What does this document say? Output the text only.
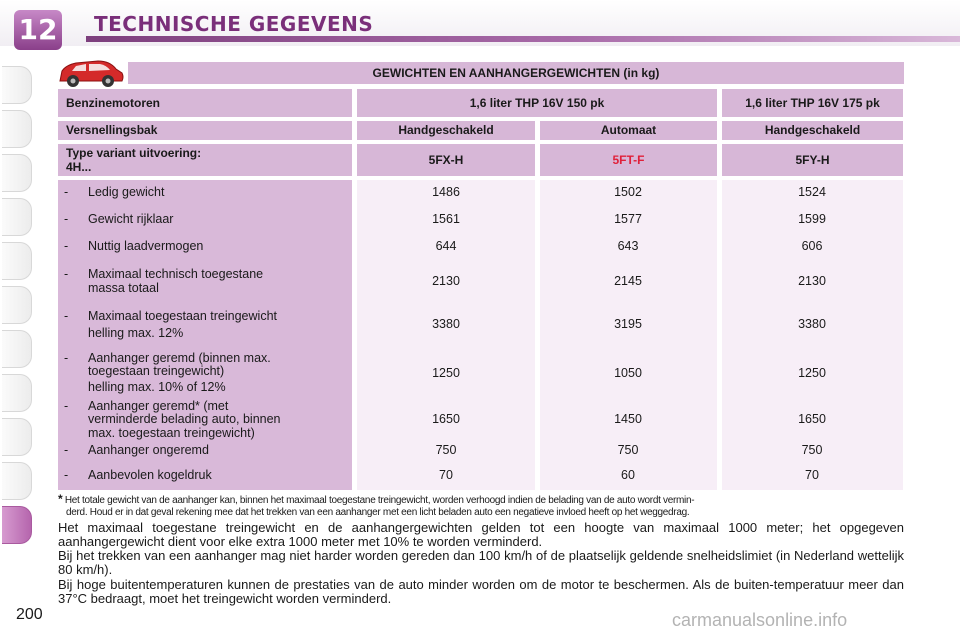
12 TECHNISCHE GEGEVENS
GEWICHTEN EN AANHANGERGEWICHTEN (in kg)
Benzinemotoren	1,6 liter THP 16V 150 pk	1,6 liter THP 16V 175 pk
Versnellingsbak	Handgeschakeld	Automaat	Handgeschakeld
Type variant uitvoering:
4H...	5FX-H	5FT-F	5FY-H
- Ledig gewicht	1486	1502	1524
- Gewicht rijklaar	1561	1577	1599
- Nuttig laadvermogen	644	643	606
- Maximaal technisch toegestane
massa totaal	2130	2145	2130
- Maximaal toegestaan treingewicht
helling max. 12%
3380	3195	3380
- Aanhanger geremd (binnen max.
toegestaan treingewicht)
helling max. 10% of 12%
1250	1050	1250
- Aanhanger geremd* (met
verminderde belading auto, binnen
max. toegestaan treingewicht)
1650	1450	1650
- Aanhanger ongeremd	750	750	750
- Aanbevolen kogeldruk	70	60	70
* Het totale gewicht van de aanhanger kan, binnen het maximaal toegestane treingewicht, worden verhoogd indien de belading van de auto wordt vermin-
derd. Houd er in dat geval rekening mee dat het trekken van een aanhanger met een licht beladen auto een negatieve invloed heeft op het weggedrag.
Het maximaal toegestane treingewicht en de aanhangergewichten gelden tot een hoogte van maximaal 1000 meter; het opgegeven aanhangergewicht dient voor elke extra 1000 meter met 10% te worden verminderd.
Bij het trekken van een aanhanger mag niet harder worden gereden dan 100 km/h of de plaatselijk geldende snelheidslimiet (in Nederland wettelijk 80 km/h).
Bij hoge buitentemperaturen kunnen de prestaties van de auto minder worden om de motor te beschermen. Als de buiten-temperatuur meer dan 37°C bedraagt, moet het treingewicht worden verminderd.
200	carmanualsonline.info
